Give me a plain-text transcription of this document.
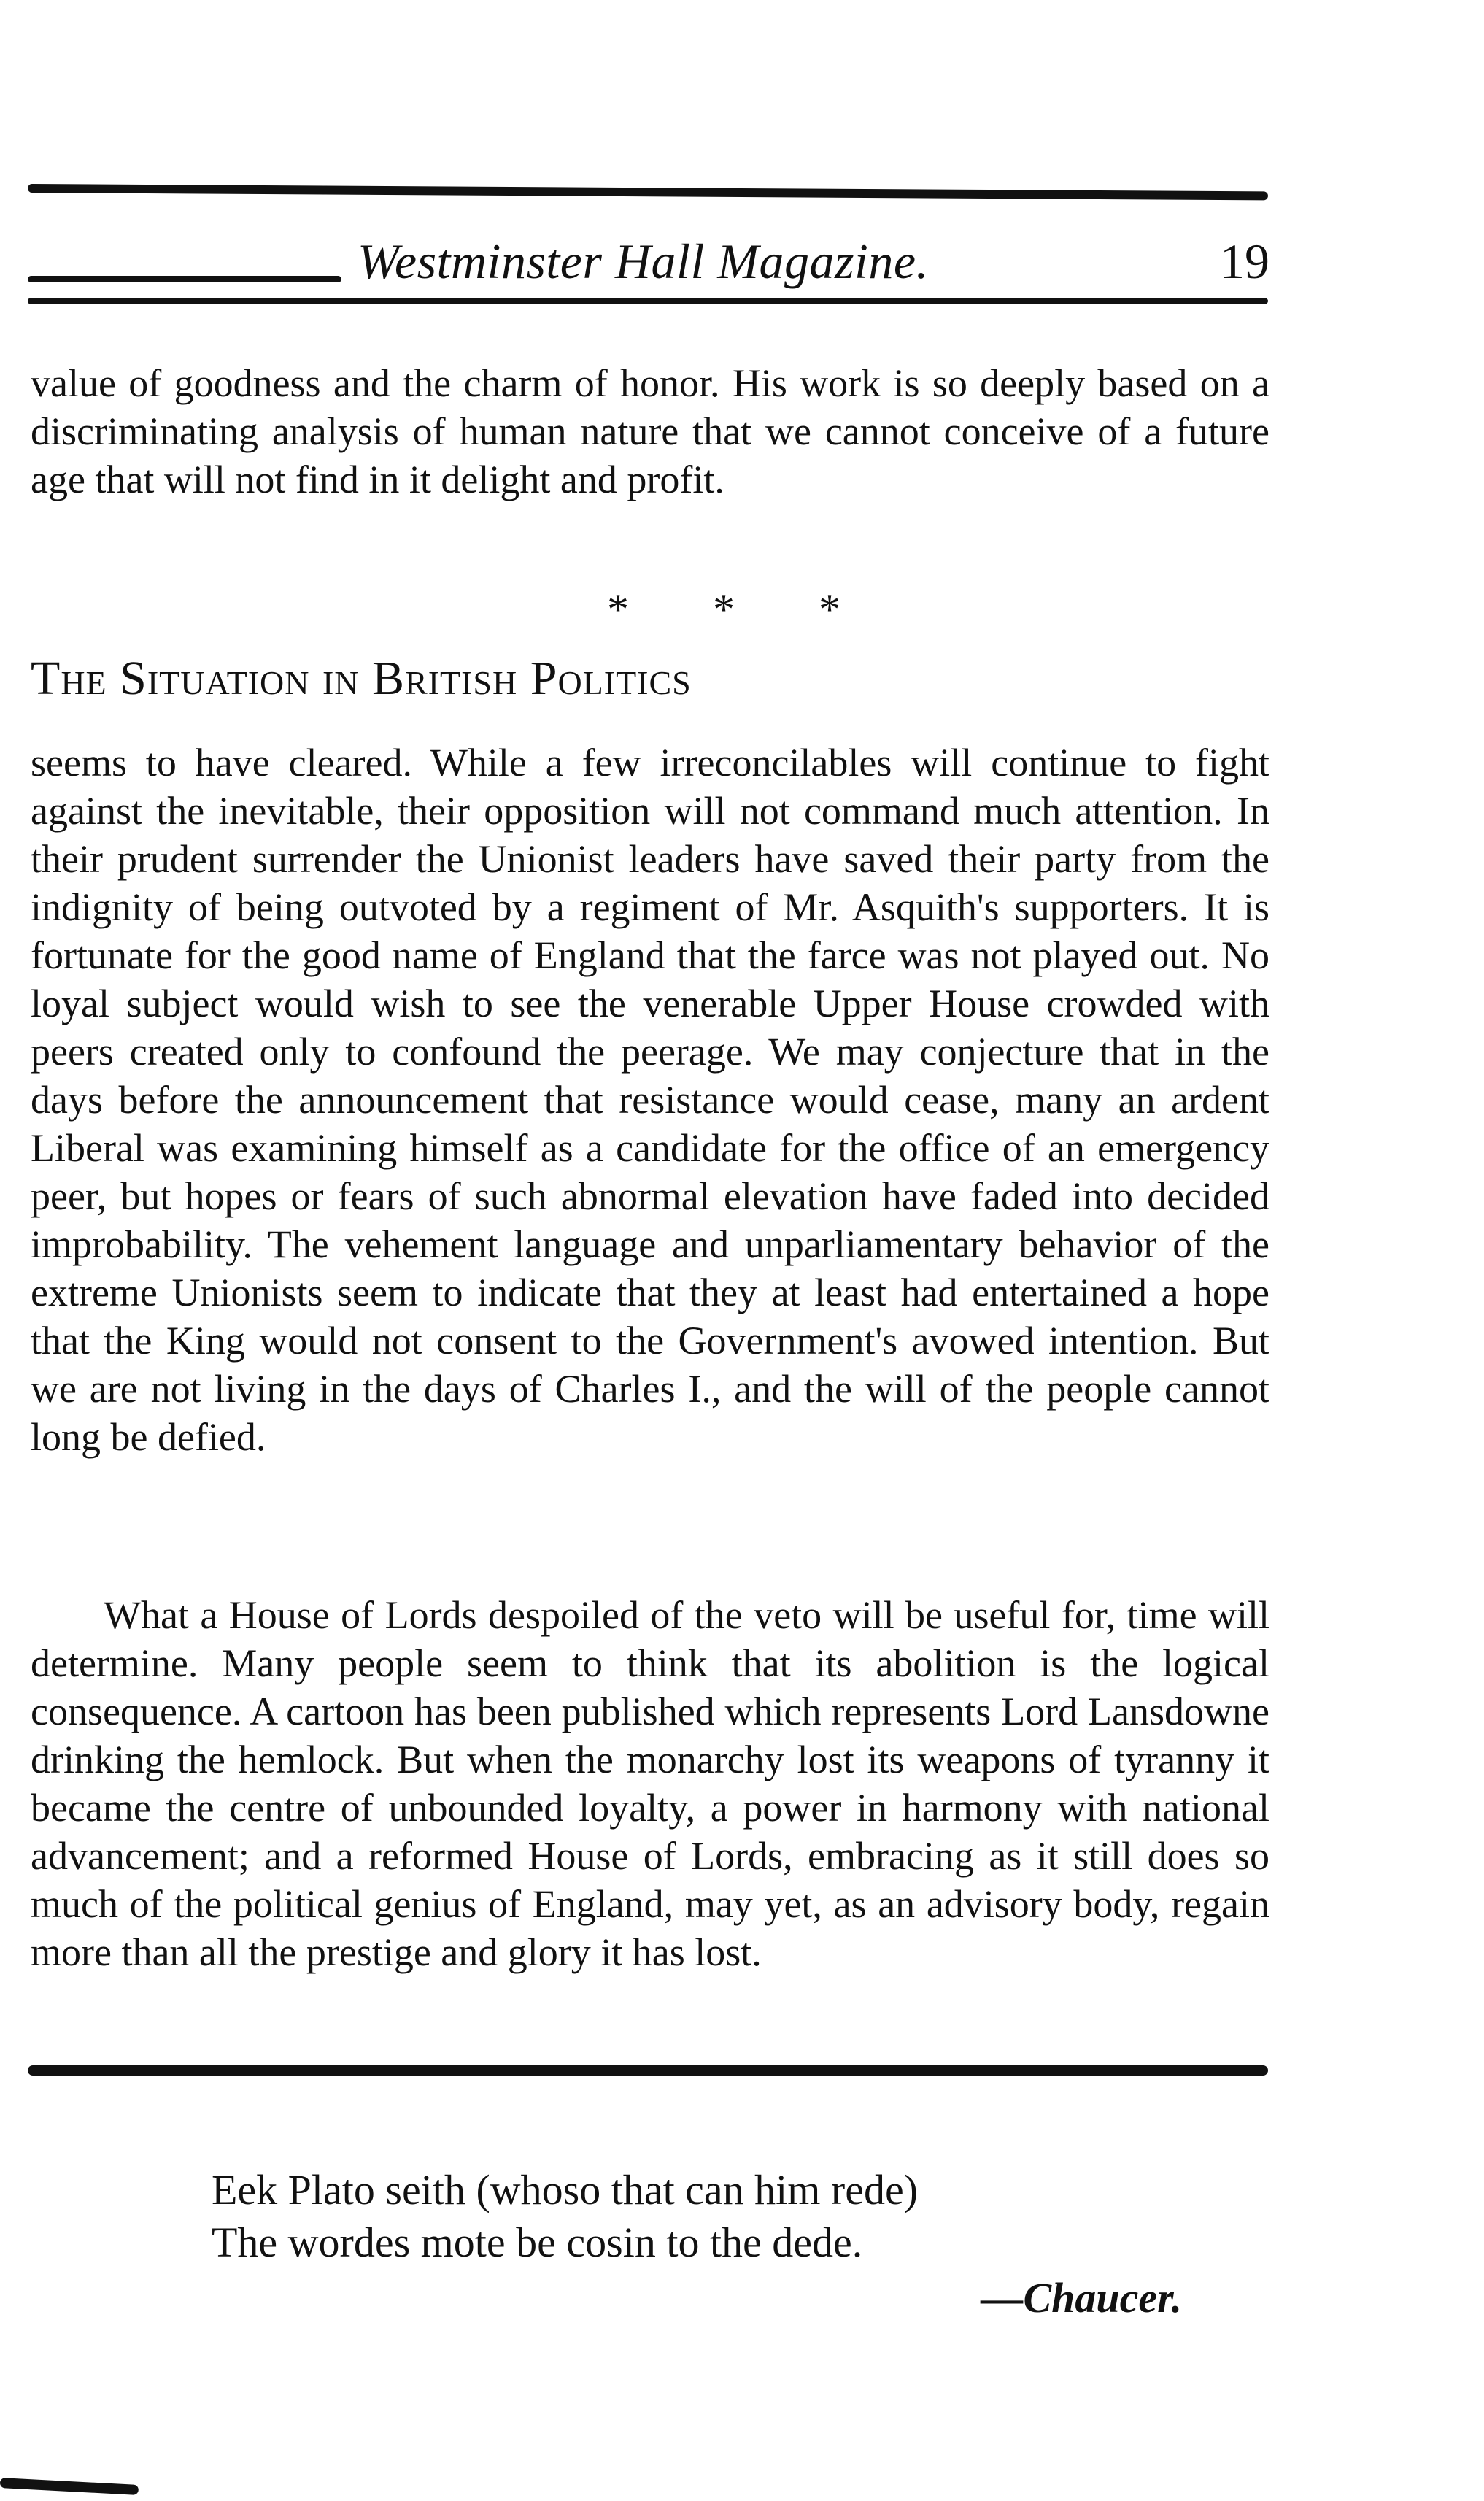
Westminster Hall Magazine.	19

value of goodness and the charm of honor. His work is so deeply based on a discriminating analysis of human nature that we cannot conceive of a future age that will not find in it delight and profit.

* * *
The Situation in British Politics

seems to have cleared. While a few irreconcilables will continue to fight against the inevitable, their opposition will not command much attention. In their prudent surrender the Unionist leaders have saved their party from the indignity of being outvoted by a regiment of Mr. Asquith's supporters. It is fortunate for the good name of England that the farce was not played out. No loyal subject would wish to see the venerable Upper House crowded with peers created only to confound the peerage. We may conjecture that in the days before the announcement that resistance would cease, many an ardent Liberal was examining himself as a candidate for the office of an emergency peer, but hopes or fears of such abnormal elevation have faded into decided improbability. The vehement language and unparliamentary behavior of the extreme Unionists seem to indicate that they at least had entertained a hope that the King would not consent to the Government's avowed intention. But we are not living in the days of Charles I., and the will of the people cannot long be defied.

What a House of Lords despoiled of the veto will be useful for, time will determine. Many people seem to think that its abolition is the logical consequence. A cartoon has been published which represents Lord Lansdowne drinking the hemlock. But when the monarchy lost its weapons of tyranny it became the centre of unbounded loyalty, a power in harmony with national advancement; and a reformed House of Lords, embracing as it still does so much of the political genius of England, may yet, as an advisory body, regain more than all the prestige and glory it has lost.

Eek Plato seith (whoso that can him rede)
The wordes mote be cosin to the dede.
—Chaucer.
